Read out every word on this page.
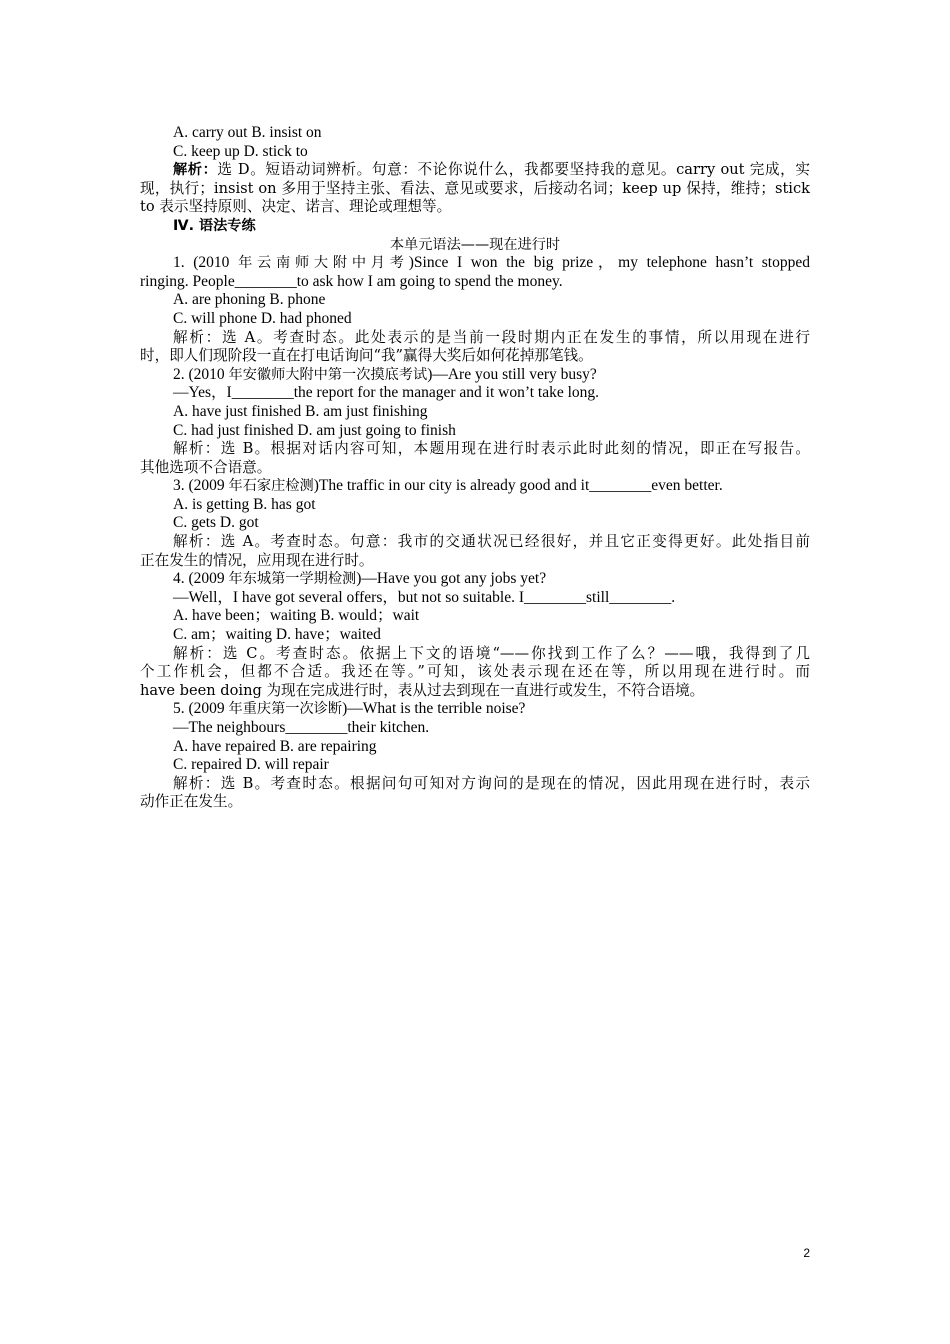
A. carry out B. insist on
C. keep up D. stick to
解析：选 D。短语动词辨析。句意：不论你说什么，我都要坚持我的意见。carry out 完成，实
现，执行；insist on 多用于坚持主张、看法、意见或要求，后接动名词；keep up 保持，维持；stick
to 表示坚持原则、决定、诺言、理论或理想等。
Ⅳ. 语法专练
本单元语法——现在进行时
1. (2010 年云南师大附中月考)Since I won the big prize，my telephone hasn’t stopped
ringing. People________to ask how I am going to spend the money.
A. are phoning B. phone
C. will phone D. had phoned
解析：选 A。考查时态。此处表示的是当前一段时期内正在发生的事情，所以用现在进行
时，即人们现阶段一直在打电话询问“我”赢得大奖后如何花掉那笔钱。
2. (2010 年安徽师大附中第一次摸底考试)—Are you still very busy?
—Yes，I________the report for the manager and it won’t take long.
A. have just finished B. am just finishing
C. had just finished D. am just going to finish
解析：选 B。根据对话内容可知，本题用现在进行时表示此时此刻的情况，即正在写报告。
其他选项不合语意。
3. (2009 年石家庄检测)The traffic in our city is already good and it________even better.
A. is getting B. has got
C. gets D. got
解析：选 A。考查时态。句意：我市的交通状况已经很好，并且它正变得更好。此处指目前
正在发生的情况，应用现在进行时。
4. (2009 年东城第一学期检测)—Have you got any jobs yet?
—Well，I have got several offers，but not so suitable. I________still________.
A. have been；waiting B. would；wait
C. am；waiting D. have；waited
解析：选 C。考查时态。依据上下文的语境“——你找到工作了么？——哦，我得到了几
个工作机会，但都不合适。我还在等。”可知，该处表示现在还在等，所以用现在进行时。而
have been doing 为现在完成进行时，表从过去到现在一直进行或发生，不符合语境。
5. (2009 年重庆第一次诊断)—What is the terrible noise?
—The neighbours________their kitchen.
A. have repaired B. are repairing
C. repaired D. will repair
解析：选 B。考查时态。根据问句可知对方询问的是现在的情况，因此用现在进行时，表示
动作正在发生。
2
